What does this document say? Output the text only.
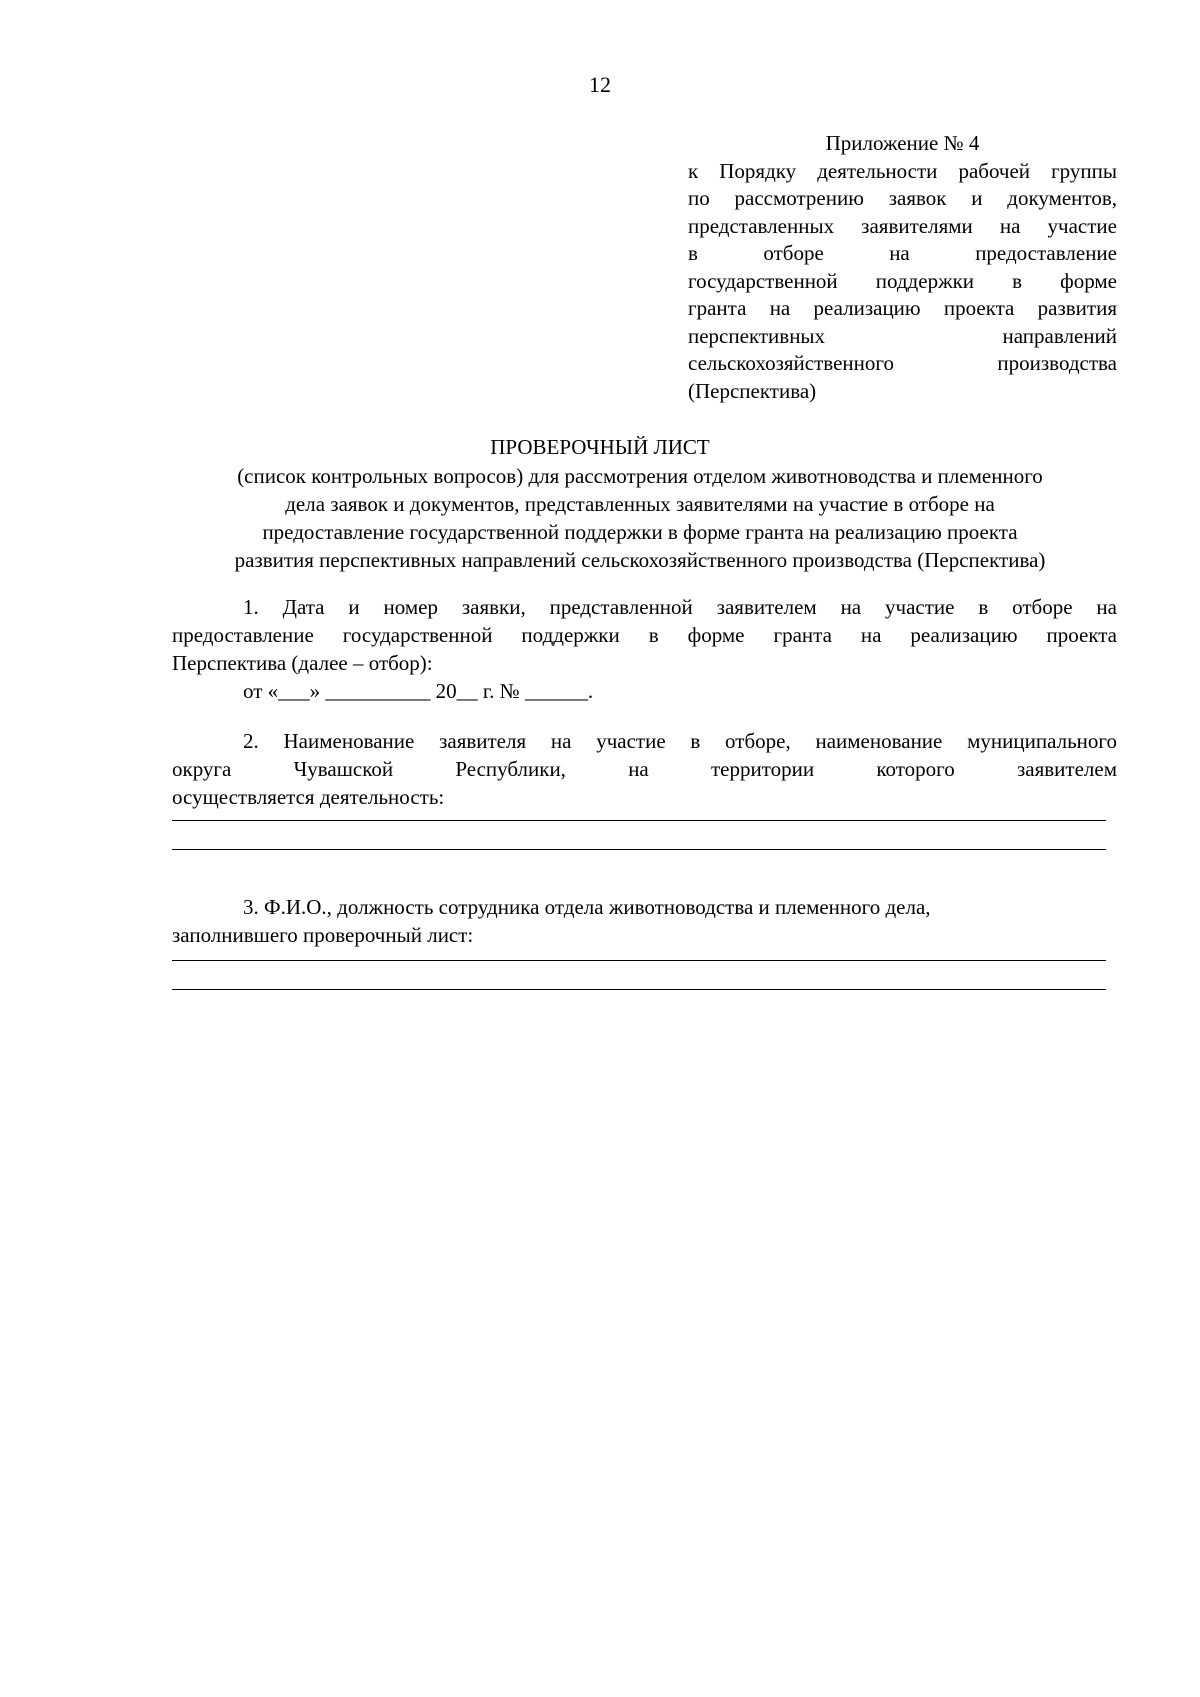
12
Приложение № 4
к Порядку деятельности рабочей группы
по рассмотрению заявок и документов,
представленных заявителями на участие
в отборе на предоставление
государственной поддержки в форме
гранта на реализацию проекта развития
перспективных направлений
сельскохозяйственного производства
(Перспектива)
ПРОВЕРОЧНЫЙ ЛИСТ
(список контрольных вопросов) для рассмотрения отделом животноводства и племенного
дела заявок и документов, представленных заявителями на участие в отборе на
предоставление государственной поддержки в форме гранта на реализацию проекта
развития перспективных направлений сельскохозяйственного производства (Перспектива)
1. Дата и номер заявки, представленной заявителем на участие в отборе на
предоставление государственной поддержки в форме гранта на реализацию проекта
Перспектива (далее – отбор):
от «___» __________ 20__ г. № ______.
2. Наименование заявителя на участие в отборе, наименование муниципального
округа Чувашской Республики, на территории которого заявителем
осуществляется деятельность:
3. Ф.И.О., должность сотрудника отдела животноводства и племенного дела,
заполнившего проверочный лист:
